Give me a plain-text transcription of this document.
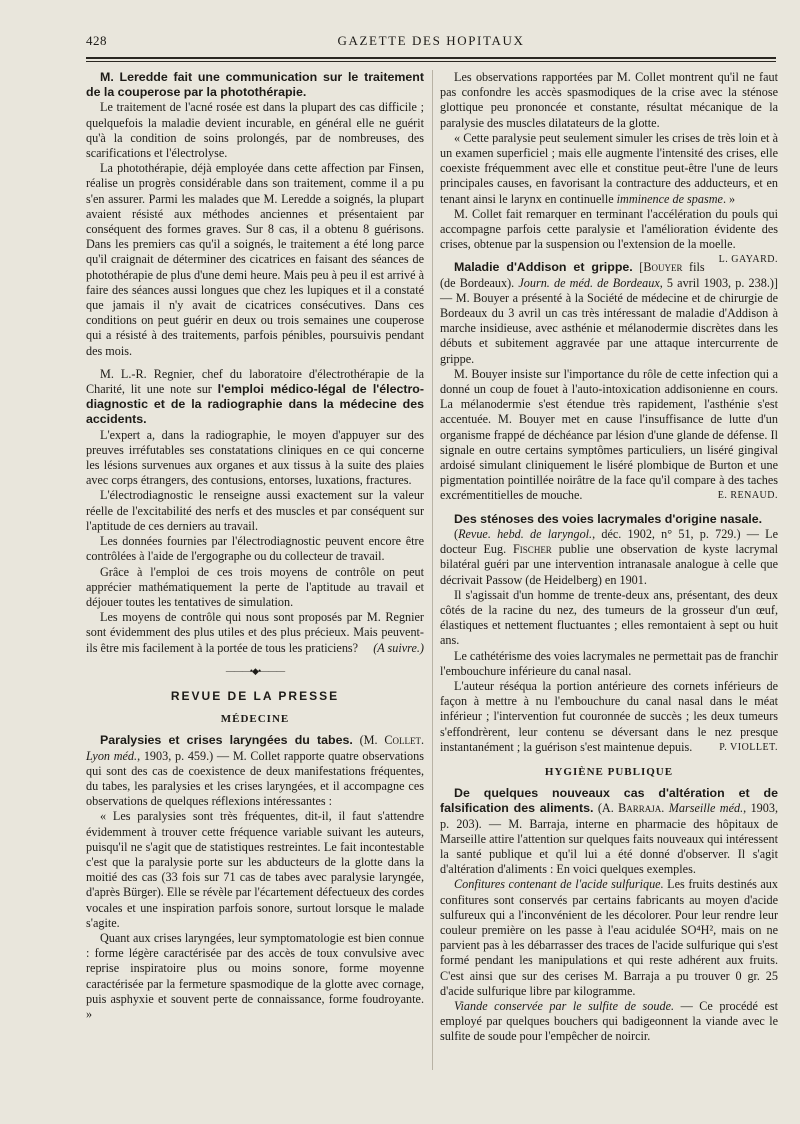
428	GAZETTE DES HOPITAUX

M. Leredde fait une communication sur le traitement de la couperose par la photothérapie.

Le traitement de l'acné rosée est dans la plupart des cas difficile ; quelquefois la maladie devient incurable, en général elle ne guérit qu'à la condition de soins prolongés, par de nombreuses, des scarifications et l'électrolyse.

La photothérapie, déjà employée dans cette affection par Finsen, réalise un progrès considérable dans son traitement, comme il a pu s'en assurer. Parmi les malades que M. Leredde a soignés, la plupart avaient résisté aux méthodes anciennes et présentaient par conséquent des formes graves. Sur 8 cas, il a obtenu 8 guérisons. Dans les premiers cas qu'il a soignés, le traitement a été long parce qu'il craignait de déterminer des cicatrices en faisant des séances de photothérapie de plus d'une demi heure. Mais peu à peu il est arrivé à faire des séances aussi longues que chez les lupiques et il a constaté que jamais il n'y avait de cicatrices consécutives. Dans ces conditions on peut guérir en deux ou trois semaines une couperose qui a résisté à des traitements, parfois pénibles, poursuivis pendant des mois.

M. L.-R. Regnier, chef du laboratoire d'électrothérapie de la Charité, lit une note sur l'emploi médico-légal de l'électro-diagnostic et de la radiographie dans la médecine des accidents.

L'expert a, dans la radiographie, le moyen d'appuyer sur des preuves irréfutables ses constatations cliniques en ce qui concerne les lésions survenues aux organes et aux tissus à la suite des plaies avec corps étrangers, des contusions, entorses, luxations, fractures.

L'électrodiagnostic le renseigne aussi exactement sur la valeur réelle de l'excitabilité des nerfs et des muscles et par conséquent sur l'aptitude de ces derniers au travail.

Les données fournies par l'électrodiagnostic peuvent encore être contrôlées à l'aide de l'ergographe ou du collecteur de travail.

Grâce à l'emploi de ces trois moyens de contrôle on peut apprécier mathématiquement la perte de l'aptitude au travail et déjouer toutes les tentatives de simulation.

Les moyens de contrôle qui nous sont proposés par M. Regnier sont évidemment des plus utiles et des plus précieux. Mais peuvent-ils être mis facilement à la portée de tous les praticiens?	(A suivre.)

———•◆•———
REVUE DE LA PRESSE
MÉDECINE

Paralysies et crises laryngées du tabes. (M. Collet. Lyon méd., 1903, p. 459.) — M. Collet rapporte quatre observations qui sont des cas de coexistence de deux manifestations fréquentes, du tabes, les paralysies et les crises laryngées, et il accompagne ces observations de quelques réflexions intéressantes :

« Les paralysies sont très fréquentes, dit-il, il faut s'attendre évidemment à trouver cette fréquence variable suivant les auteurs, puisqu'il ne s'agit que de statistiques restreintes. Le fait incontestable c'est que la paralysie porte sur les abducteurs de la glotte dans la moitié des cas (33 fois sur 71 cas de tabes avec paralysie laryngée, d'après Bürger). Elle se révèle par l'écartement défectueux des cordes vocales et une inspiration parfois sonore, surtout lorsque le malade s'agite.

Quant aux crises laryngées, leur symptomatologie est bien connue : forme légère caractérisée par des accès de toux convulsive avec reprise inspiratoire plus ou moins sonore, forme moyenne caractérisée par la fermeture spasmodique de la glotte avec cornage, puis asphyxie et souvent perte de connaissance, forme foudroyante. »

Les observations rapportées par M. Collet montrent qu'il ne faut pas confondre les accès spasmodiques de la crise avec la sténose glottique peu prononcée et constante, résultat mécanique de la paralysie des muscles dilatateurs de la glotte.

« Cette paralysie peut seulement simuler les crises de très loin et à un examen superficiel ; mais elle augmente l'intensité des crises, elle coexiste fréquemment avec elle et constitue peut-être l'une de leurs principales causes, en favorisant la contracture des adducteurs, et en tenant ainsi le larynx en continuelle imminence de spasme. »

M. Collet fait remarquer en terminant l'accélération du pouls qui accompagne parfois cette paralysie et l'amélioration évidente des crises, obtenue par la suspension ou l'extension de la moelle.
L. GAYARD.

Maladie d'Addison et grippe. [Bouyer fils (de Bordeaux). Journ. de méd. de Bordeaux, 5 avril 1903, p. 238.)] — M. Bouyer a présenté à la Société de médecine et de chirurgie de Bordeaux du 3 avril un cas très intéressant de maladie d'Addison à marche insidieuse, avec asthénie et mélanodermie discrètes dans les débuts et subitement aggravée par une attaque intercurrente de grippe.

M. Bouyer insiste sur l'importance du rôle de cette infection qui a donné un coup de fouet à l'auto-intoxication addisonienne en cours. La mélanodermie s'est étendue très rapidement, l'asthénie s'est accentuée. M. Bouyer met en cause l'insuffisance de lutte d'un organisme frappé de déchéance par lésion d'une glande de défense. Il signale en outre certains symptômes particuliers, un liséré gingival ardoisé simulant cliniquement le liséré plombique de Burton et une pigmentation pointillée noirâtre de la face qu'il compare à des taches excrémentitielles de mouche.	E. RENAUD.

Des sténoses des voies lacrymales d'origine nasale.

(Revue. hebd. de laryngol., déc. 1902, n° 51, p. 729.) — Le docteur Eug. Fischer publie une observation de kyste lacrymal bilatéral guéri par une intervention intranasale analogue à celle que décrivait Passow (de Heidelberg) en 1901.

Il s'agissait d'un homme de trente-deux ans, présentant, des deux côtés de la racine du nez, des tumeurs de la grosseur d'un œuf, élastiques et nettement fluctuantes ; elles remontaient à sept ou huit ans.

Le cathétérisme des voies lacrymales ne permettait pas de franchir l'embouchure inférieure du canal nasal.

L'auteur réséqua la portion antérieure des cornets inférieurs de façon à mettre à nu l'embouchure du canal nasal dans le méat inférieur ; l'intervention fut couronnée de succès ; les deux tumeurs s'effondrèrent, leur contenu se déversant dans le nez presque instantanément ; la guérison s'est maintenue depuis.	P. VIOLLET.

HYGIÈNE PUBLIQUE

De quelques nouveaux cas d'altération et de falsification des aliments. (A. Barraja. Marseille méd., 1903, p. 203). — M. Barraja, interne en pharmacie des hôpitaux de Marseille attire l'attention sur quelques faits nouveaux qui intéressent la santé publique et qu'il lui a été donné d'observer. Il s'agit d'altération d'aliments : En voici quelques exemples.

Confitures contenant de l'acide sulfurique. Les fruits destinés aux confitures sont conservés par certains fabricants au moyen d'acide sulfureux qui a l'inconvénient de les décolorer. Pour leur rendre leur couleur première on les passe à l'eau acidulée SO⁴H², mais on ne parvient pas à les débarrasser des traces de l'acide sulfurique qui s'est formé pendant les manipulations et qui reste adhérent aux fruits. C'est ainsi que sur des cerises M. Barraja a pu trouver 0 gr. 25 d'acide sulfurique libre par kilogramme.

Viande conservée par le sulfite de soude. — Ce procédé est employé par quelques bouchers qui badigeonnent la viande avec le sulfite de soude pour l'empêcher de noircir.
